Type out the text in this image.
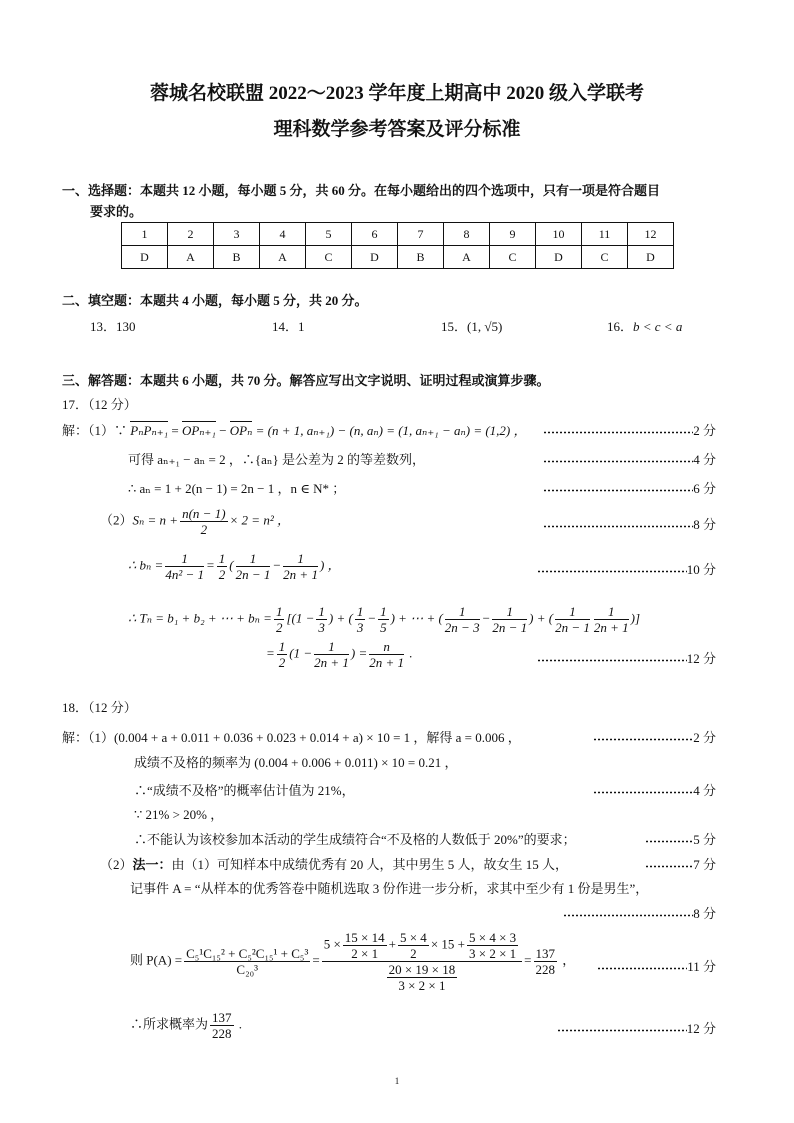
蓉城名校联盟 2022～2023 学年度上期高中 2020 级入学联考
理科数学参考答案及评分标准
一、选择题：本题共 12 小题，每小题 5 分，共 60 分。在每小题给出的四个选项中，只有一项是符合题目
要求的。
1	2	3	4	5	6	7	8	9	10	11	12
D	A	B	A	C	D	B	A	C	D	C	D
二、填空题：本题共 4 小题，每小题 5 分，共 20 分。
13．130	14．1	15．(1, √5)	16．b < c < a
三、解答题：本题共 6 小题，共 70 分。解答应写出文字说明、证明过程或演算步骤。
17．（12 分）
解：（1）∵ PₙPₙ₊₁ = OPₙ₊₁ − OPₙ = (n + 1, aₙ₊₁) − (n, aₙ) = (1, aₙ₊₁ − aₙ) = (1,2) ，
可得 aₙ₊₁ − aₙ = 2 ，∴{aₙ} 是公差为 2 的等差数列，
∴ aₙ = 1 + 2(n − 1) = 2n − 1 ，n ∈ N* ；
$(2)S_n = n + \frac{n(n - 1)}{2} \times 2 = n^2$ ，
∴ $b_n = \frac{1}{\text{4n² − 1}} = \frac{1}{2}$ ( $\frac{1}{2n - 1} - \frac{1}{2n + 1}$ ) ，
∴ Tₙ = b₁ + b₂ + ⋯ + $b_n = \frac{1}{2} [(1 - \frac{1}{3}$ ) + ( $\frac{1}{3} - \frac{1}{5}$ ) + ⋯ + ( $\frac{1}{2n - 3} - \frac{1}{2n - 1}$ ) + ( $\frac{1}{2n - 1} \frac{1}{2n + 1}$ )]
= $\frac{1}{2} (1 - \frac{1}{2n + 1}$ ) = $\frac{n}{2n + 1}$ .
2 分
4 分
6 分
8 分
10 分
12 分
18．（12 分）
解：（1）(0.004 + a + 0.011 + 0.036 + 0.023 + 0.014 + a) × 10 = 1 ，解得 a = 0.006 ，
成绩不及格的频率为 (0.004 + 0.006 + 0.011) × 10 = 0.21 ，
∴“成绩不及格”的概率估计值为 21%，
∵ 21% > 20% ，
∴不能认为该校参加本活动的学生成绩符合“不及格的人数低于 20%”的要求；
（2）法一：由（1）可知样本中成绩优秀有 20 人，其中男生 5 人，故女生 15 人，
记事件 A = “从样本的优秀答卷中随机选取 3 份作进一步分析，求其中至少有 1 份是男生”，
则 $P(A) = \frac{\text{C₅¹C₁₅² + C₅²C₁₅¹ + C₅³}}{\text{C₂₀³}} = \frac{5 \times \frac{15 \times 14}{2 \times 1} + \frac{5 \times 4}{2} \times 15 + \frac{5 \times 4 \times 3}{3 \times 2 \times 1}}{\frac{20 \times 19 \times 18}{3 \times 2 \times 1}} = \frac{137}{228}$ ，
∴所求概率为 $\frac{137}{228}$ .
2 分
4 分
5 分
7 分
8 分
11 分
12 分
1
